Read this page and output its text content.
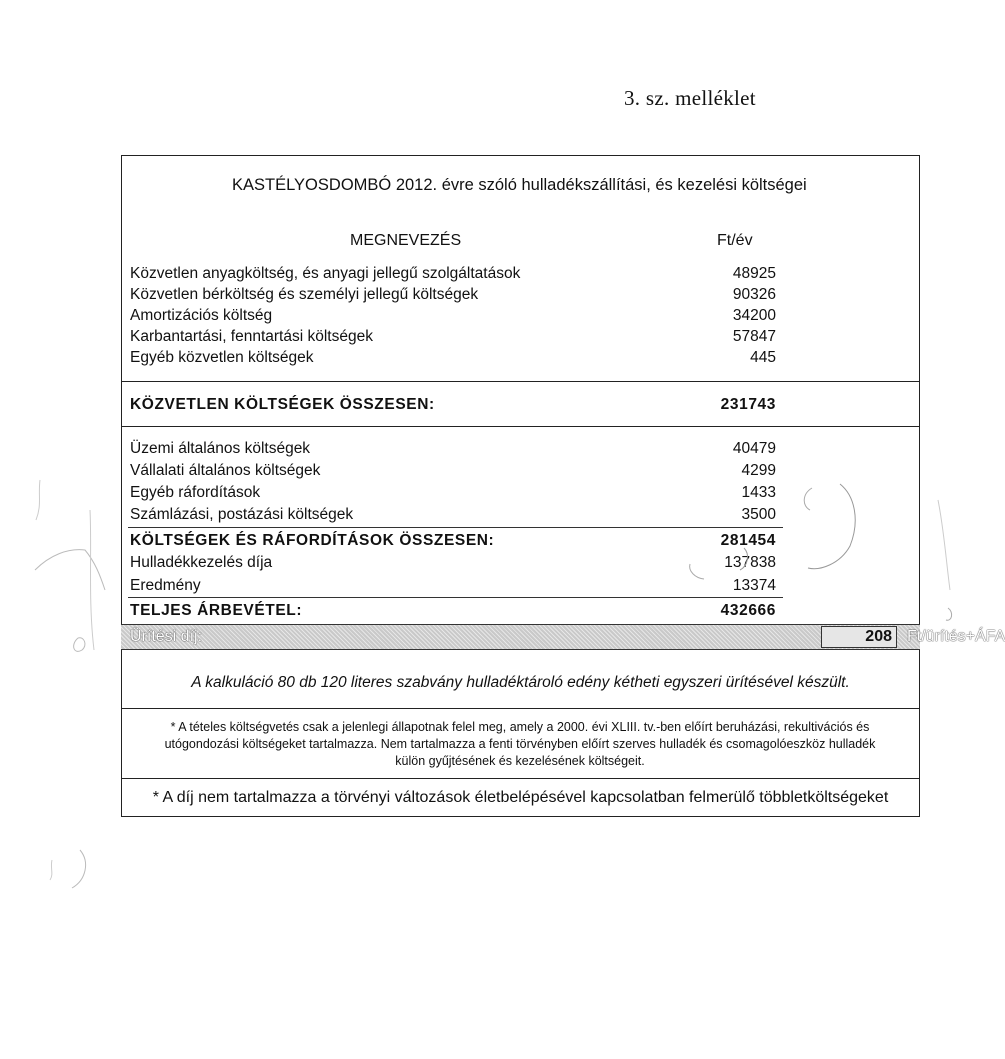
3. sz. melléklet
KASTÉLYOSDOMBÓ 2012. évre szóló hulladékszállítási, és kezelési költségei
MEGNEVEZÉS	Ft/év
Közvetlen anyagköltség, és anyagi jellegű szolgáltatások	48925
Közvetlen bérköltség és személyi jellegű költségek	90326
Amortizációs költség	34200
Karbantartási, fenntartási költségek	57847
Egyéb közvetlen költségek	445
KÖZVETLEN KÖLTSÉGEK ÖSSZESEN:	231743
Üzemi általános költségek	40479
Vállalati általános költségek	4299
Egyéb ráfordítások	1433
Számlázási, postázási költségek	3500
KÖLTSÉGEK ÉS RÁFORDÍTÁSOK ÖSSZESEN:	281454
Hulladékkezelés díja	137838
Eredmény	13374
TELJES ÁRBEVÉTEL:	432666
Ürítési díj:	208 Ft/ürítés+ÁFA
A kalkuláció 80 db 120 literes szabvány hulladéktároló edény kétheti egyszeri ürítésével készült.
* A tételes költségvetés csak a jelenlegi állapotnak felel meg, amely a 2000. évi XLIII. tv.-ben előírt beruházási, rekultivációs és utógondozási költségeket tartalmazza. Nem tartalmazza a fenti törvényben előírt szerves hulladék és csomagolóeszköz hulladék külön gyűjtésének és kezelésének költségeit.
* A díj nem tartalmazza a törvényi változások életbelépésével kapcsolatban felmerülő többletköltségeket
